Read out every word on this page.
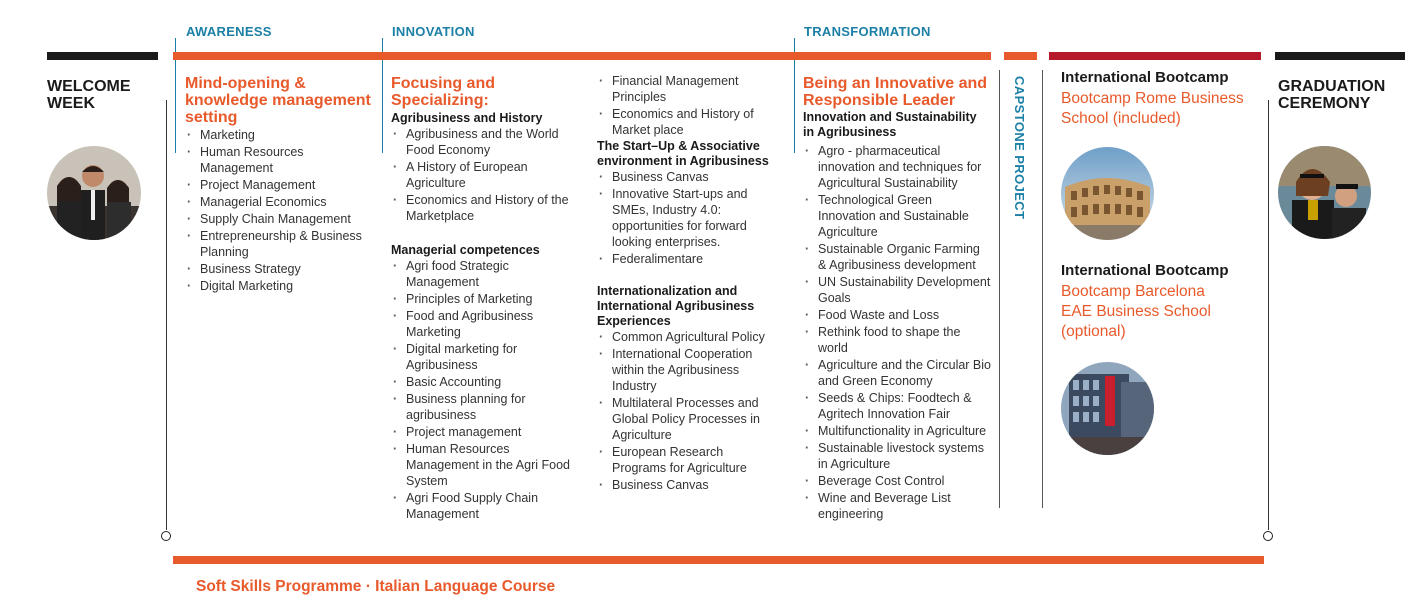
AWARENESS	INNOVATION	TRANSFORMATION
WELCOME
WEEK
Mind-opening & knowledge management setting
· Marketing
· Human Resources Management
· Project Management
· Managerial Economics
· Supply Chain Management
· Entrepreneurship & Business Planning
· Business Strategy
· Digital Marketing
Focusing and Specializing:
Agribusiness and History
· Agribusiness and the World Food Economy
· A History of European Agriculture
· Economics and History of the Marketplace
Managerial competences
· Agri food Strategic Management
· Principles of Marketing
· Food and Agribusiness Marketing
· Digital marketing for Agribusiness
· Basic Accounting
· Business planning for agribusiness
· Project management
· Human Resources Management in the Agri Food System
· Agri Food Supply Chain Management
· Financial Management Principles
· Economics and History of Market place
The Start–Up & Associative environment in Agribusiness
· Business Canvas
· Innovative Start-ups and SMEs, Industry 4.0: opportunities for forward looking enterprises.
· Federalimentare
Internationalization and International Agribusiness Experiences
· Common Agricultural Policy
· International Cooperation within the Agribusiness Industry
· Multilateral Processes and Global Policy Processes in Agriculture
· European Research Programs for Agriculture
· Business Canvas
Being an Innovative and Responsible Leader
Innovation and Sustainability in Agribusiness
· Agro - pharmaceutical innovation and techniques for Agricultural Sustainability
· Technological Green Innovation and Sustainable Agriculture
· Sustainable Organic Farming & Agribusiness development
· UN Sustainability Development Goals
· Food Waste and Loss
· Rethink food to shape the world
· Agriculture and the Circular Bio and Green Economy
· Seeds & Chips: Foodtech & Agritech Innovation Fair
· Multifunctionality in Agriculture
· Sustainable livestock systems in Agriculture
· Beverage Cost Control
· Wine and Beverage List engineering
CAPSTONE PROJECT International Bootcamp
Bootcamp Rome Business School (included)
International Bootcamp
Bootcamp Barcelona EAE Business School (optional)
GRADUATION
CEREMONY
Soft Skills Programme · Italian Language Course
